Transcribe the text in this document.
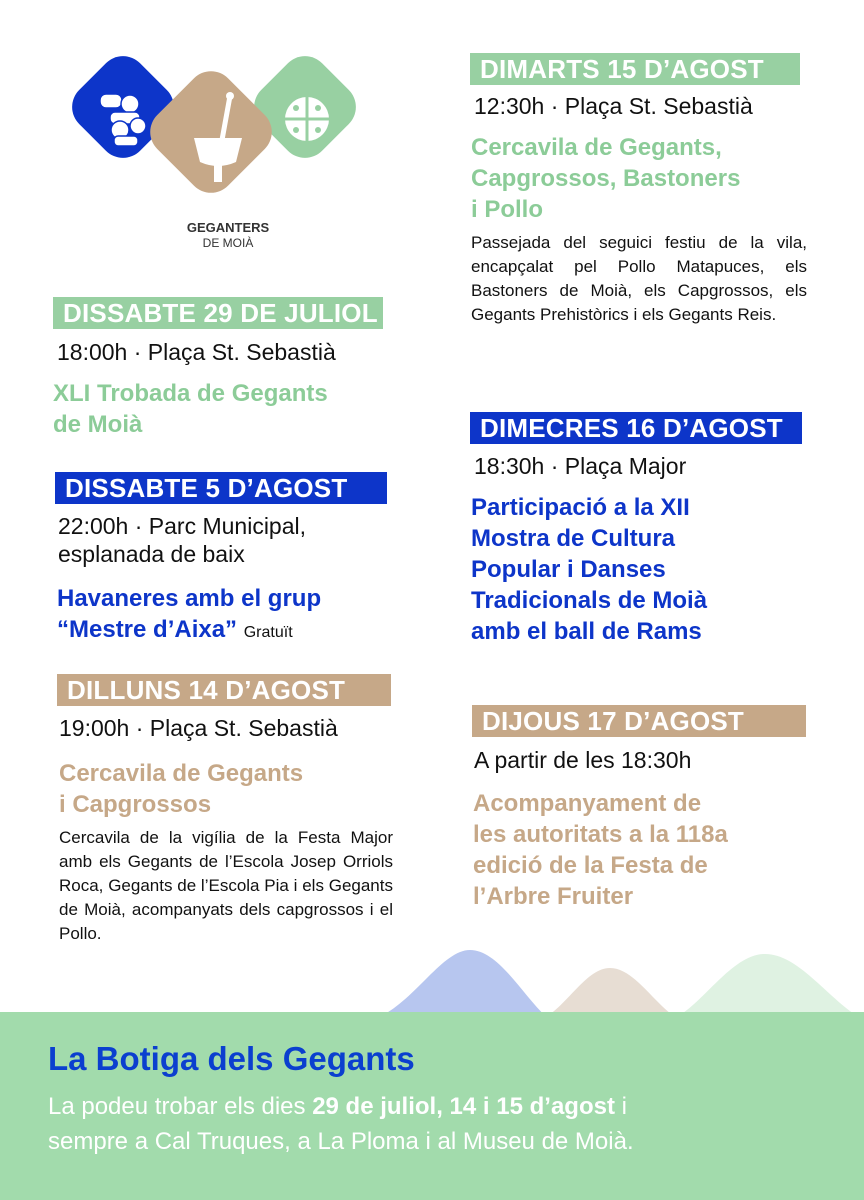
GEGANTERS
DE MOIÀ
DISSABTE 29 DE JULIOL
18:00h · Plaça St. Sebastià
XLI Trobada de Gegants
de Moià
DISSABTE 5 D’AGOST
22:00h · Parc Municipal,
esplanada de baix
Havaneres amb el grup
“Mestre d’Aixa” Gratuït
DILLUNS 14 D’AGOST
19:00h · Plaça St. Sebastià
Cercavila de Gegants
i Capgrossos
Cercavila de la vigília de la Festa Major amb els Gegants de l’Escola Josep Orriols Roca, Gegants de l’Escola Pia i els Gegants de Moià, acompanyats dels capgrossos i el Pollo.
DIMARTS 15 D’AGOST
12:30h · Plaça St. Sebastià
Cercavila de Gegants,
Capgrossos, Bastoners
i Pollo
Passejada del seguici festiu de la vila, encapçalat pel Pollo Matapuces, els Bastoners de Moià, els Capgrossos, els Gegants Prehistòrics i els Gegants Reis.
DIMECRES 16 D’AGOST
18:30h · Plaça Major
Participació a la XII
Mostra de Cultura
Popular i Danses
Tradicionals de Moià
amb el ball de Rams
DIJOUS 17 D’AGOST
A partir de les 18:30h
Acompanyament de
les autoritats a la 118a
edició de la Festa de
l’Arbre Fruiter
La Botiga dels Gegants
La podeu trobar els dies 29 de juliol, 14 i 15 d’agost i
sempre a Cal Truques, a La Ploma i al Museu de Moià.
